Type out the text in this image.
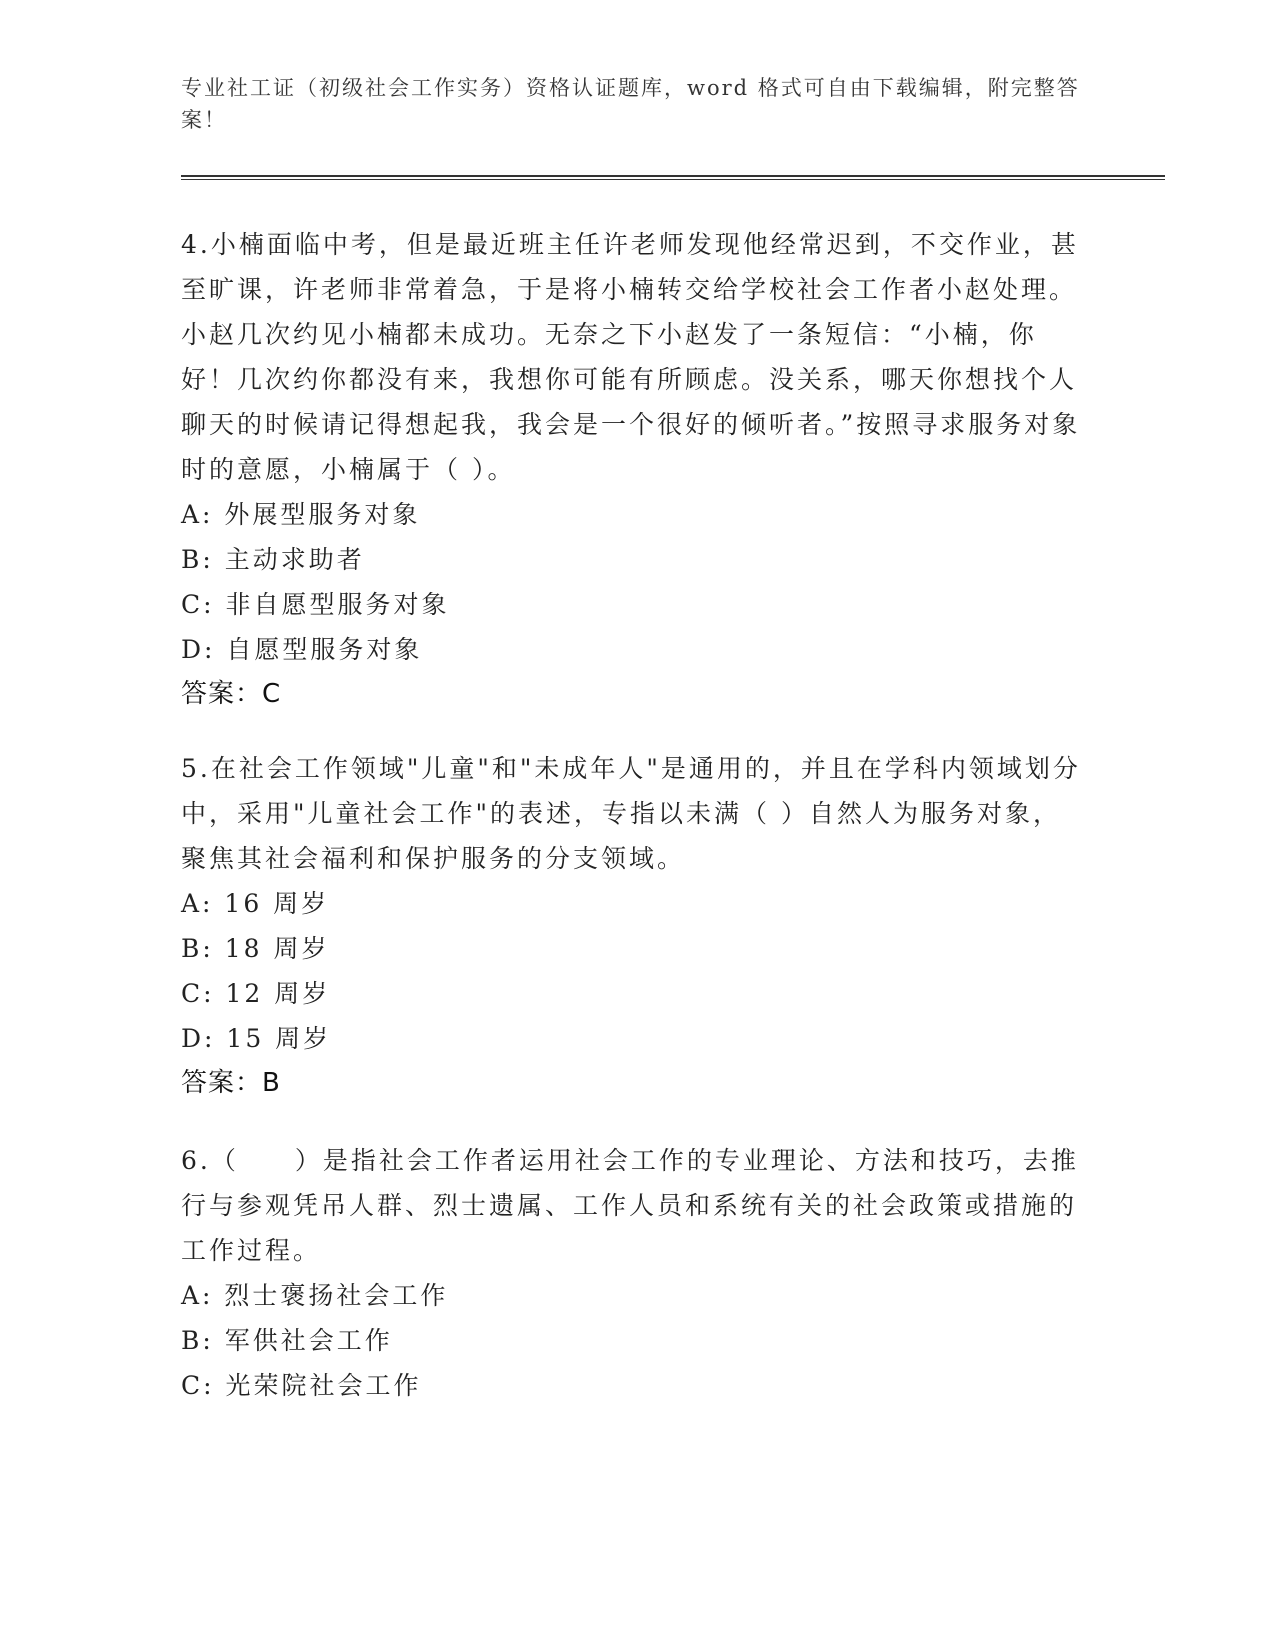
专业社工证（初级社会工作实务）资格认证题库，word 格式可自由下载编辑，附完整答案！

4.小楠面临中考，但是最近班主任许老师发现他经常迟到，不交作业，甚至旷课，许老师非常着急，于是将小楠转交给学校社会工作者小赵处理。小赵几次约见小楠都未成功。无奈之下小赵发了一条短信：“小楠，你好！几次约你都没有来，我想你可能有所顾虑。没关系，哪天你想找个人聊天的时候请记得想起我，我会是一个很好的倾听者。”按照寻求服务对象时的意愿，小楠属于（ ）。

A: 外展型服务对象

B: 主动求助者

C: 非自愿型服务对象

D: 自愿型服务对象

答案：C

5.在社会工作领域"儿童"和"未成年人"是通用的，并且在学科内领域划分中，采用"儿童社会工作"的表述，专指以未满（ ）自然人为服务对象，聚焦其社会福利和保护服务的分支领域。

A: 16 周岁

B: 18 周岁

C: 12 周岁

D: 15 周岁

答案：B

6.（　　）是指社会工作者运用社会工作的专业理论、方法和技巧，去推行与参观凭吊人群、烈士遗属、工作人员和系统有关的社会政策或措施的工作过程。

A: 烈士褒扬社会工作

B: 军供社会工作

C: 光荣院社会工作
